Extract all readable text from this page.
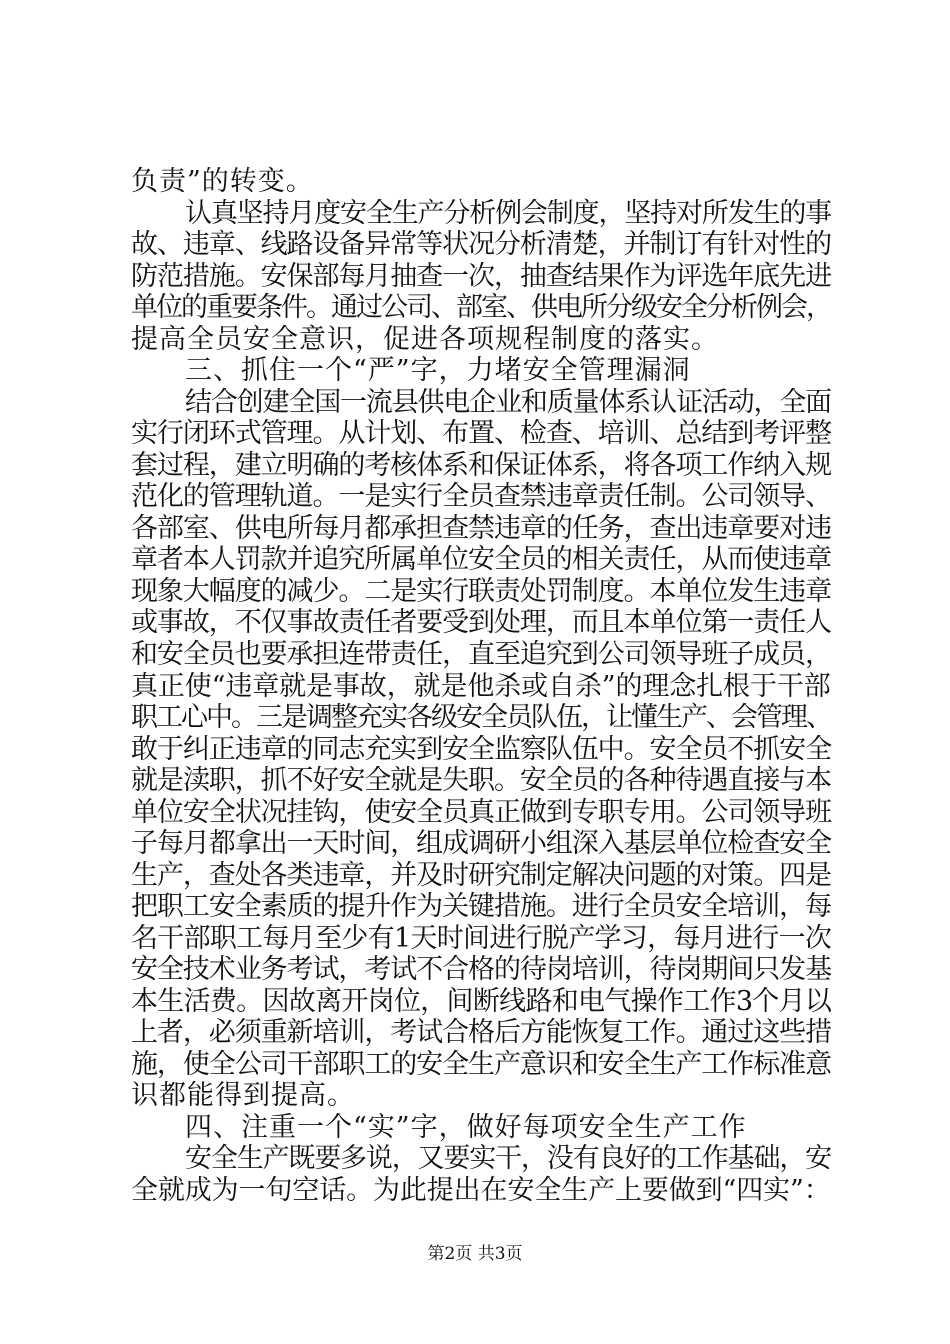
负责”的转变。
认真坚持月度安全生产分析例会制度，坚持对所发生的事
故、违章、线路设备异常等状况分析清楚，并制订有针对性的
防范措施。安保部每月抽查一次，抽查结果作为评选年底先进
单位的重要条件。通过公司、部室、供电所分级安全分析例会，
提高全员安全意识，促进各项规程制度的落实。
三、抓住一个“严”字，力堵安全管理漏洞
结合创建全国一流县供电企业和质量体系认证活动，全面
实行闭环式管理。从计划、布置、检查、培训、总结到考评整
套过程，建立明确的考核体系和保证体系，将各项工作纳入规
范化的管理轨道。一是实行全员查禁违章责任制。公司领导、
各部室、供电所每月都承担查禁违章的任务，查出违章要对违
章者本人罚款并追究所属单位安全员的相关责任，从而使违章
现象大幅度的减少。二是实行联责处罚制度。本单位发生违章
或事故，不仅事故责任者要受到处理，而且本单位第一责任人
和安全员也要承担连带责任，直至追究到公司领导班子成员，
真正使“违章就是事故，就是他杀或自杀”的理念扎根于干部
职工心中。三是调整充实各级安全员队伍，让懂生产、会管理、
敢于纠正违章的同志充实到安全监察队伍中。安全员不抓安全
就是渎职，抓不好安全就是失职。安全员的各种待遇直接与本
单位安全状况挂钩，使安全员真正做到专职专用。公司领导班
子每月都拿出一天时间，组成调研小组深入基层单位检查安全
生产，查处各类违章，并及时研究制定解决问题的对策。四是
把职工安全素质的提升作为关键措施。进行全员安全培训，每
名干部职工每月至少有1天时间进行脱产学习，每月进行一次
安全技术业务考试，考试不合格的待岗培训，待岗期间只发基
本生活费。因故离开岗位，间断线路和电气操作工作3个月以
上者，必须重新培训，考试合格后方能恢复工作。通过这些措
施，使全公司干部职工的安全生产意识和安全生产工作标准意
识都能得到提高。
四、注重一个“实”字，做好每项安全生产工作
安全生产既要多说，又要实干，没有良好的工作基础，安
全就成为一句空话。为此提出在安全生产上要做到“四实”：
第2页 共3页
